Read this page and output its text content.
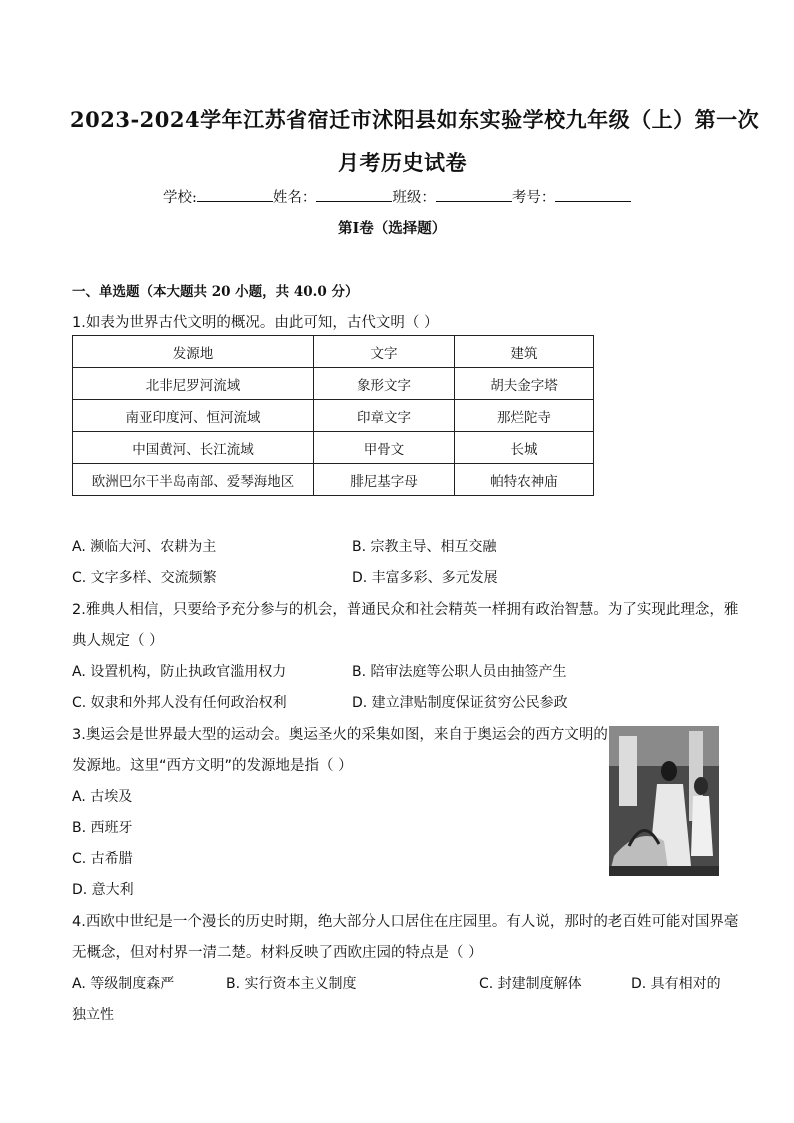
2023-2024学年江苏省宿迁市沭阳县如东实验学校九年级（上）第一次
月考历史试卷
学校:	姓名：	班级：	考号：
第Ⅰ卷（选择题）
一、单选题（本大题共 20 小题，共 40.0 分）
1.如表为世界古代文明的概况。由此可知，古代文明（ ）
发源地	文字	建筑
北非尼罗河流域	象形文字	胡夫金字塔
南亚印度河、恒河流域	印章文字	那烂陀寺
中国黄河、长江流域	甲骨文	长城
欧洲巴尔干半岛南部、爱琴海地区	腓尼基字母	帕特农神庙
A. 濒临大河、农耕为主	B. 宗教主导、相互交融
C. 文字多样、交流频繁	D. 丰富多彩、多元发展
2.雅典人相信，只要给予充分参与的机会，普通民众和社会精英一样拥有政治智慧。为了实现此理念，雅
典人规定（ ）
A. 设置机构，防止执政官滥用权力	B. 陪审法庭等公职人员由抽签产生
C. 奴隶和外邦人没有任何政治权利	D. 建立津贴制度保证贫穷公民参政
3.奥运会是世界最大型的运动会。奥运圣火的采集如图，来自于奥运会的西方文明的
发源地。这里“西方文明”的发源地是指（ ）
A. 古埃及
B. 西班牙
C. 古希腊
D. 意大利
4.西欧中世纪是一个漫长的历史时期，绝大部分人口居住在庄园里。有人说，那时的老百姓可能对国界毫
无概念，但对村界一清二楚。材料反映了西欧庄园的特点是（ ）
A. 等级制度森严	B. 实行资本主义制度	C. 封建制度解体	D. 具有相对的
独立性
